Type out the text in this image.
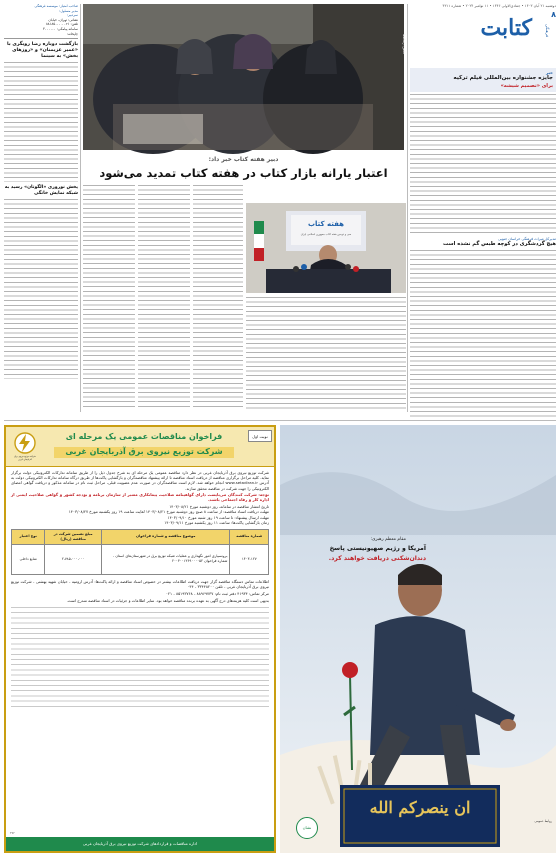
دوشنبه ۲۱ آبان ۱۴۰۳ • جمادی‌الاولی ۱۴۴۶ • ۱۱ نوامبر ۲۰۲۴ • شماره ۴۳۱۱
۸
کتابت	فرهنگی
خبر
جایزه جشنواره بین‌المللی فیلم ترکیه
برای «تصمیم شیشه»
مدیرکل میراث فرهنگی خراسان جنوبی
هیچ گردشگری در کوچه طبس گم نشده است
صاحب امتیاز: موسسه فرهنگی
مدیر مسئول:
سردبیر:
نشانی: تهران، خیابان
تلفن: ۰۲۱ - ۸۸۱۸۵۰۰۰
سامانه پیامکی: ۳۰۰۰۰۰۰
چاپخانه:
بازگشت دوباره رضا رویگری با «عمیر غزیمنان» و «روزهای بخش» به سینما
پخش نوروزی «الگوتان» رسید به شبکه نمایش خانگی
عکس: رسانه‌ها
دبیر هفته کتاب خبر داد:
اعتبار یارانه بازار کتاب در هفته کتاب تمدید می‌شود
هفته کتاب
سی و دومین هفته کتاب جمهوری اسلامی ایران
نوبت اول
فراخوان مناقصات عمومی یک مرحله ای
شرکت توزیع نیروی برق آذربایجان غربی
شرکت توزیع نیروی برق آذربایجان غربی
شرکت توزیع نیروی برق آذربایجان غربی در نظر دارد مناقصه عمومی یک مرحله ای به شرح جدول ذیل را از طریق سامانه تدارکات الکترونیکی دولت برگزار نماید. کلیه مراحل برگزاری مناقصه از دریافت اسناد مناقصه تا ارائه پیشنهاد مناقصه‌گران و بازگشایی پاکت‌ها از طریق درگاه سامانه تدارکات الکترونیکی دولت به آدرس www.setadiran.ir انجام خواهد شد. لازم است مناقصه‌گران در صورت عدم عضویت قبلی، مراحل ثبت نام در سامانه مذکور و دریافت گواهی امضای الکترونیکی را جهت شرکت در مناقصه محقق سازند.
توجه: شرکت کنندگان می‌بایست دارای گواهینامه صلاحیت پیمانکاری معتبر از سازمان برنامه و بودجه کشور و گواهی صلاحیت ایمنی از اداره کار و رفاه اجتماعی باشند.
تاریخ انتشار مناقصه در سامانه، روز دوشنبه مورخ ۱۴۰۳/۰۸/۲۱
مهلت دریافت اسناد مناقصه: از ساعت ۸ صبح روز دوشنبه مورخ ۱۴۰۳/۰۸/۲۱ لغایت ساعت ۱۹ روز یکشنبه مورخ ۱۴۰۳/۰۸/۲۷
مهلت ارسال پیشنهاد: تا ساعت ۱۹ روز شنبه مورخ ۱۴۰۳/۰۹/۱۰
زمان بازگشایی پاکت‌ها: ساعت ۱۱ روز یکشنبه مورخ ۱۴۰۳/۰۹/۱۱
شماره مناقصه	موضوع مناقصه و شماره فراخوان	مبلغ تضمین شرکت در مناقصه (ریال)	نوع اعتبار
۱۴۰۳-۱۲۷	برونسپاری امور نگهداری و عملیات شبکه توزیع برق در شهرستان‌های استان - شماره فراخوان ۲۰۰۳۰۰۱۳۶۹۰۰۰۰۵۲	۲،۷۸۵،۰۰۰،۰۰۰	منابع داخلی
اطلاعات تماس دستگاه مناقصه گزار جهت دریافت اطلاعات بیشتر در خصوص اسناد مناقصه و ارائه پاکت‌ها: آدرس ارومیه - خیابان شهید بهشتی - شرکت توزیع نیروی برق آذربایجان غربی - تلفن ۳۳۴۴۸۲۰۰ - ۰۴۴
مرکز تماس: ۴۱۹۳۴ دفتر ثبت نام: ۸۸۹۶۹۷۳۷ - ۸۵۱۹۳۷۶۸ - ۰۲۱
بدیهی است کلیه هزینه‌های درج آگهی به عهده برنده مناقصه خواهد بود. سایر اطلاعات و جزئیات در اسناد مناقصه مندرج است.
اداره مناقصات و قراردادهای شرکت توزیع نیروی برق آذربایجان غربی
۴۷۲
مقام معظم رهبری:
آمریکا و رژیم صهیونیستی پاسخ
دندان‌شکنی دریافت خواهند کرد.
ان ینصرکم الله
روابط عمومی
نشان
